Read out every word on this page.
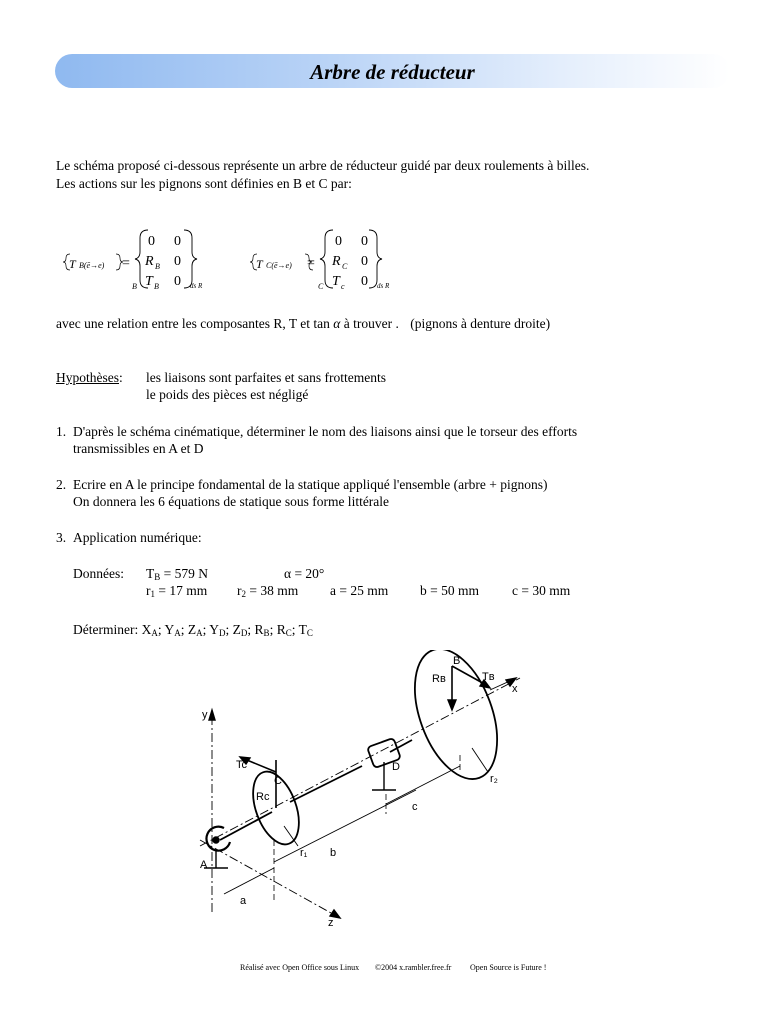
Arbre de réducteur
Le schéma proposé ci-dessous représente un arbre de réducteur guidé par deux roulements à billes.
Les actions sur les pignons sont définies en B et C par:
T B(ē→e) =
0 0
R B 0
T B 0
B	ds R
T C(ē→e) =
0 0
R C 0
T c 0
C	ds R
avec une relation entre les composantes R, T et tan α à trouver . (pignons à denture droite)
Hypothèses: les liaisons sont parfaites et sans frottements
le poids des pièces est négligé
1. D'après le schéma cinématique, déterminer le nom des liaisons ainsi que le torseur des efforts
transmissibles en A et D
2. Ecrire en A le principe fondamental de la statique appliqué l'ensemble (arbre + pignons)
On donnera les 6 équations de statique sous forme littérale
3. Application numérique:
Données: $T_B = 579$ N	α = 20°
$r_1 = 17$ mm $r_2 = 38$ mm a = 25 mm b = 50 mm c = 30 mm
Déterminer: $X_A$; $Y_A$; $Z_A$; $Y_D$; $Z_D$; $R_B$; $R_C$; $T_C$
y
x
z
A
B
C
D
Tʙ
Rʙ
Tc
Rc
r₁
r₂
a
b
c
Réalisé avec Open Office sous Linux ©2004 x.rambler.free.fr Open Source is Future !
